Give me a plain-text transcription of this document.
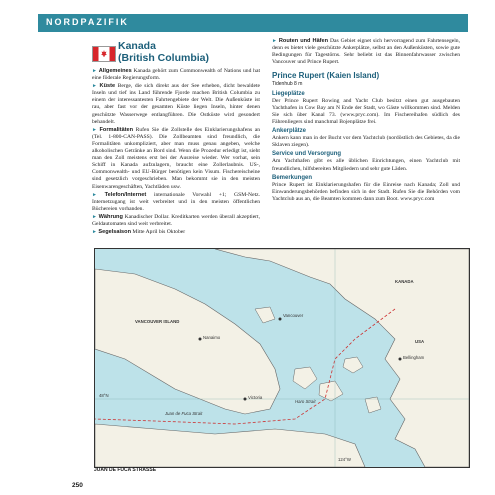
NORDPAZIFIK
Kanada
(British Columbia)

► Allgemeines Kanada gehört zum Commonwealth of Nations und hat eine föderale Regierungsform.

► Küste Berge, die sich direkt aus der See erheben, dicht bewaldete Inseln und tief ins Land führende Fjorde machen British Columbia zu einem der interessantesten Fahrtengebiete der Welt. Die Außenküste ist rau, aber fast vor der gesamten Küste liegen Inseln, hinter denen geschützte Wasserwege entlangführen. Die Ostküste wird gesondert behandelt.

► Formalitäten Rufen Sie die Zollstelle des Einklarierungshafens an (Tel. 1-800-CAN-PASS). Die Zollbeamten sind freundlich, die Formalitäten unkompliziert, aber man muss genau angeben, welche alkoholischen Getränke an Bord sind. Wenn die Prozedur erledigt ist, sieht man den Zoll meistens erst bei der Ausreise wieder. Wer vorhat, sein Schiff in Kanada aufzulagern, braucht eine Zollerlaubnis. US-, Commonwealth- und EU-Bürger benötigen kein Visum. Fischereischeine sind gesetzlich vorgeschrieben. Man bekommt sie in den meisten Eisenwarengeschäften, Yachtläden usw.

► Telefon/Internet internationale Vorwahl +1; GSM-Netz. Internetzugang ist weit verbreitet und in den meisten öffentlichen Büchereien vorhanden.

► Währung Kanadischer Dollar. Kreditkarten werden überall akzeptiert, Geldautomaten sind weit verbreitet.

► Segelsaison Mitte April bis Oktober

► Routen und Häfen Das Gebiet eignet sich hervorragend zum Fahrtensegeln, denn es bietet viele geschützte Ankerplätze, selbst an den Außenküsten, sowie gute Bedingungen für Tagestörns. Sehr beliebt ist das Binnenfahrwasser zwischen Vancouver und Prince Rupert.

Prince Rupert (Kaien Island)
Tidenhub 8 m
Liegeplätze

Der Prince Rupert Rowing and Yacht Club besitzt einen gut ausgebauten Yachthafen in Cow Bay am N Ende der Stadt, wo Gäste willkommen sind. Melden Sie sich über Kanal 73. (www.pryc.com). Im Fischereihafen südlich des Fährenliegers sind manchmal Bojenplätze frei.

Ankerplätze

Ankern kann man in der Bucht vor dem Yachtclub (nordöstlich des Gebietes, da die Sklaven ziegen).

Service und Versorgung

Am Yachthafen gibt es alle üblichen Einrichtungen, einen Yachtclub mit freundlichen, hilfsbereiten Mitgliedern und sehr gute Läden.

Bemerkungen

Prince Rupert ist Einklarierungshafen für die Einreise nach Kanada; Zoll und Einwanderungsbehörden befinden sich in der Stadt. Rufen Sie die Behörden vom Yachtclub aus an, die Beamten kommen dann zum Boot. www.pryc.com

KANADA
VANCOUVER ISLAND
Vancouver
USA
Victoria
Nanaimo
Bellingham
48°N
124°W
Haro Strait
Juan de Fuca Strait
JUAN DE FUCA STRASSE
250
